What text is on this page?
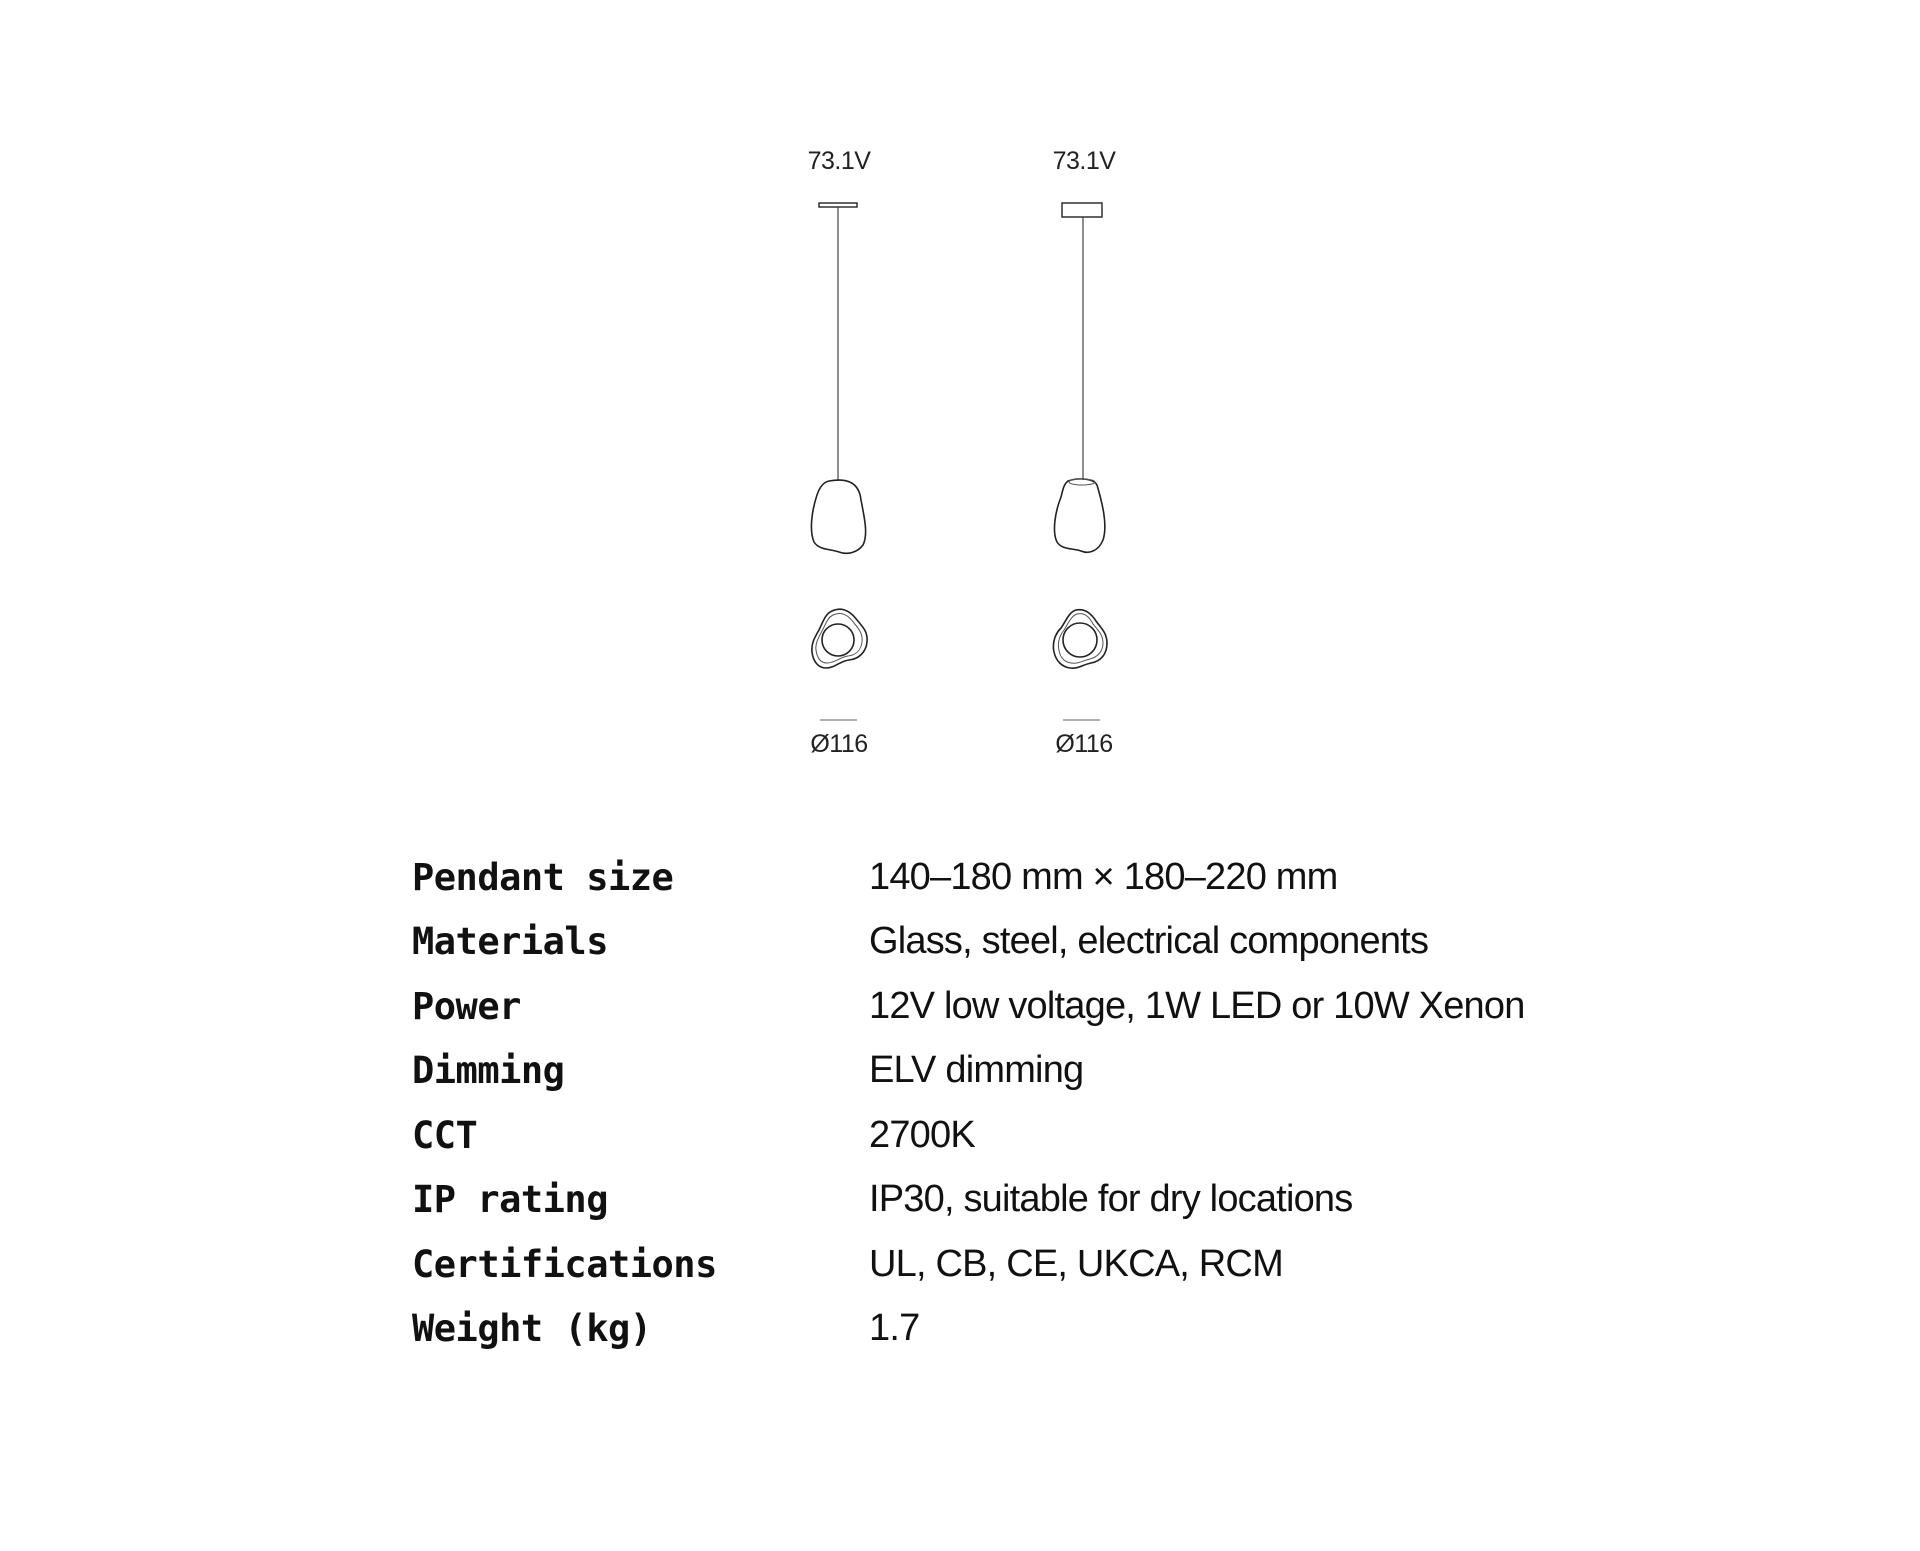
73.1V
Ø116
73.1V
Ø116
Pendant size	140–180 mm × 180–220 mm
Materials	Glass, steel, electrical components
Power	12V low voltage, 1W LED or 10W Xenon
Dimming	ELV dimming
CCT	2700K
IP rating	IP30, suitable for dry locations
Certifications	UL, CB, CE, UKCA, RCM
Weight (kg)	1.7
